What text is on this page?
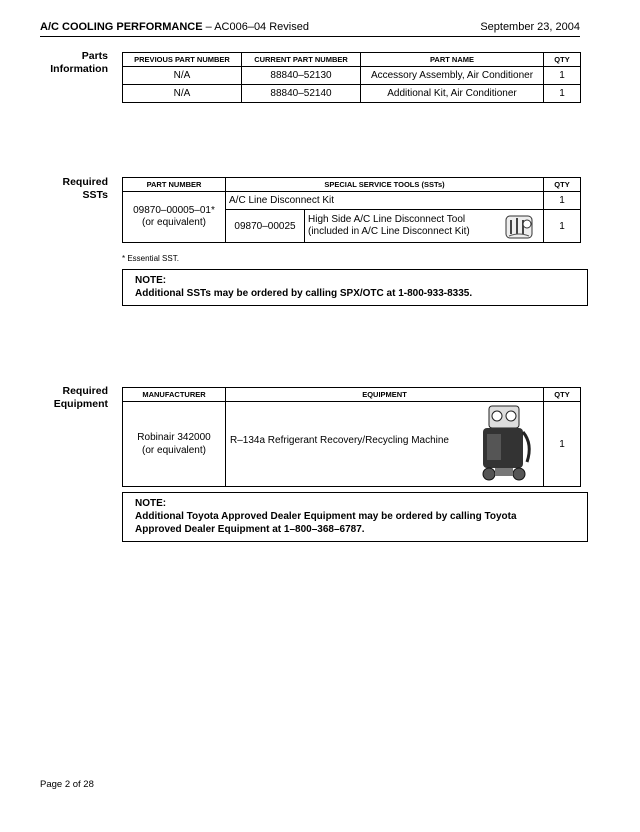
A/C COOLING PERFORMANCE – AC006–04 Revised	September 23, 2004
Parts
Information
PREVIOUS PART NUMBER	CURRENT PART NUMBER	PART NAME	QTY
N/A	88840–52130	Accessory Assembly, Air Conditioner	1
N/A	88840–52140	Additional Kit, Air Conditioner	1
Required
SSTs
PART NUMBER	SPECIAL SERVICE TOOLS (SSTs)		QTY

09870–00005–01*
(or equivalent)	A/C Line Disconnect Kit		1
	09870–00025	High Side A/C Line Disconnect Tool
(included in A/C Line Disconnect Kit)	1
* Essential SST.
NOTE:
Additional SSTs may be ordered by calling SPX/OTC at 1-800-933-8335.
Required
Equipment
MANUFACTURER	EQUIPMENT	QTY

Robinair 342000
(or equivalent)	R–134a Refrigerant Recovery/Recycling Machine	1
NOTE:
Additional Toyota Approved Dealer Equipment may be ordered by calling Toyota
Approved Dealer Equipment at 1–800–368–6787.
Page 2 of 28
